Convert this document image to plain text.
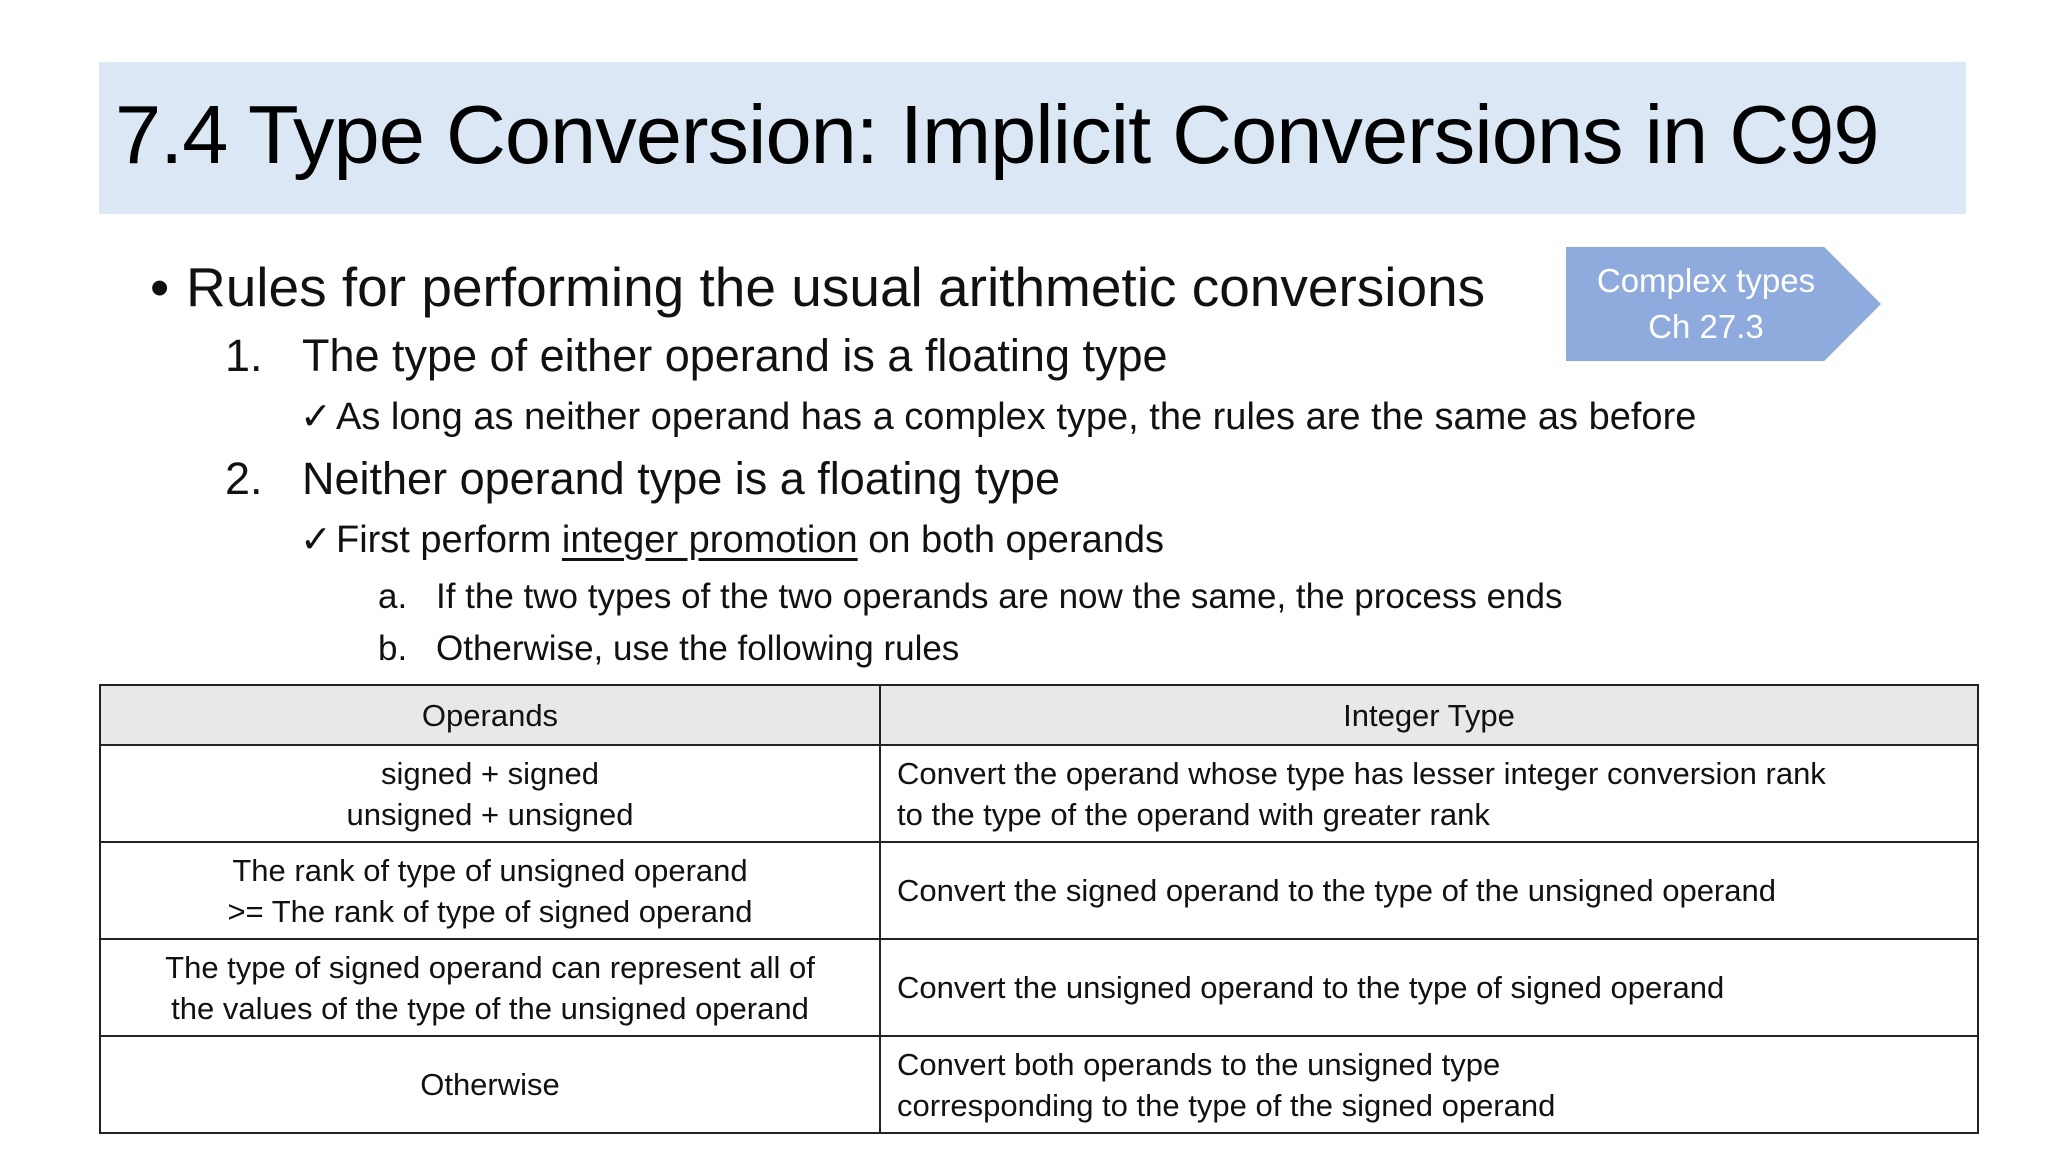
7.4 Type Conversion: Implicit Conversions in C99
Complex types
Ch 27.3
• Rules for performing the usual arithmetic conversions
1. The type of either operand is a floating type
✓ As long as neither operand has a complex type, the rules are the same as before
2. Neither operand type is a floating type
✓ First perform integer promotion on both operands
a. If the two types of the two operands are now the same, the process ends
b. Otherwise, use the following rules
Operands	Integer Type

signed + signed
unsigned + unsigned	Convert the operand whose type has lesser integer conversion rank
to the type of the operand with greater rank

The rank of type of unsigned operand
>= The rank of type of signed operand	Convert the signed operand to the type of the unsigned operand

The type of signed operand can represent all of
the values of the type of the unsigned operand	Convert the unsigned operand to the type of signed operand

Otherwise	Convert both operands to the unsigned type
corresponding to the type of the signed operand
